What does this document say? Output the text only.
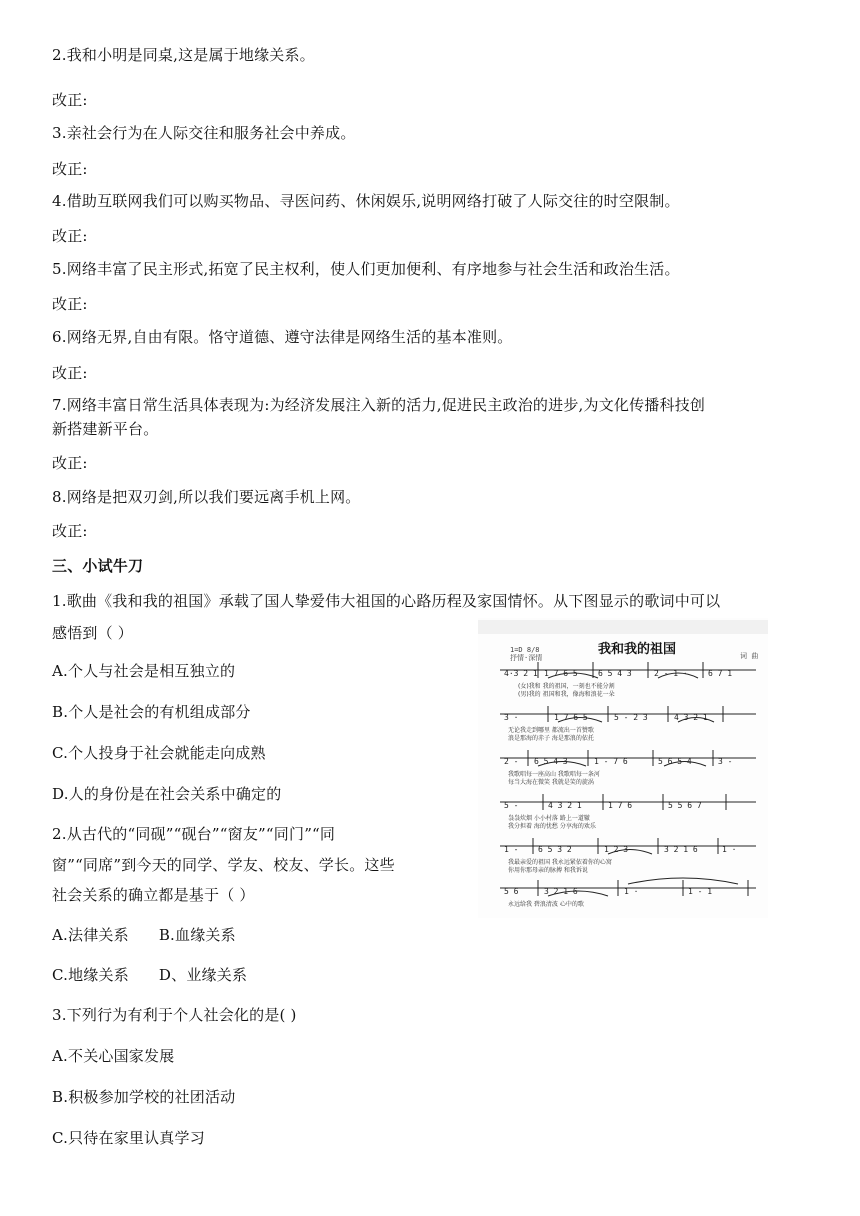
2.我和小明是同桌,这是属于地缘关系。
改正:
3.亲社会行为在人际交往和服务社会中养成。
改正:
4.借助互联网我们可以购买物品、寻医问药、休闲娱乐,说明网络打破了人际交往的时空限制。
改正:
5.网络丰富了民主形式,拓宽了民主权利，使人们更加便利、有序地参与社会生活和政治生活。
改正:
6.网络无界,自由有限。恪守道德、遵守法律是网络生活的基本准则。
改正:
7.网络丰富日常生活具体表现为:为经济发展注入新的活力,促进民主政治的进步,为文化传播科技创
新搭建新平台。
改正:
8.网络是把双刃剑,所以我们要远离手机上网。
改正:
三、小试牛刀
1.歌曲《我和我的祖国》承载了国人挚爱伟大祖国的心路历程及家国情怀。从下图显示的歌词中可以
感悟到（ ）
A.个人与社会是相互独立的
B.个人是社会的有机组成部分
C.个人投身于社会就能走向成熟
D.人的身份是在社会关系中确定的
2.从古代的“同砚”“砚台”“窗友”“同门”“同
窗”“同席”到今天的同学、学友、校友、学长。这些
社会关系的确立都是基于（ ）
A.法律关系 B.血缘关系
C.地缘关系 D、业缘关系
3.下列行为有利于个人社会化的是( )
A.不关心国家发展
B.积极参加学校的社团活动
C.只待在家里认真学习
我和我的祖国
1=D 8/8
抒情·深情	词 曲
4·3 2 1 1 7 6 5	6 5 4 3	2 - 1 ·	6 7 1
3 ·	1 7 6 5	5 - 2 3	4 3 2 1
2 - 6 5 4 3	1 - 7 6	5 6 5 4	3 -
5 -	4 3 2 1	1 7 6	5 5 6 7
1 - 6 5 3 2	1 2 3	3 2 1 6	1 ·
5 6	3 2 1 6	1 ·	1 - 1
(女)我和 我的祖国，一刻也不能分割
(男)我的 祖国和我，像海和浪花一朵
无论我走到哪里 都流出一首赞歌
浪是那海的赤子 海是那浪的依托
我歌唱每一座高山 我歌唱每一条河
每当大海在微笑 我就是笑的旋涡
袅袅炊烟 小小村落 路上一道辙
我分担着 海的忧愁 分享海的欢乐
我最亲爱的祖国 我永远紧依着你的心窝
你用你那母亲的脉搏 和我诉说
永远给我 碧浪清波 心中的歌
